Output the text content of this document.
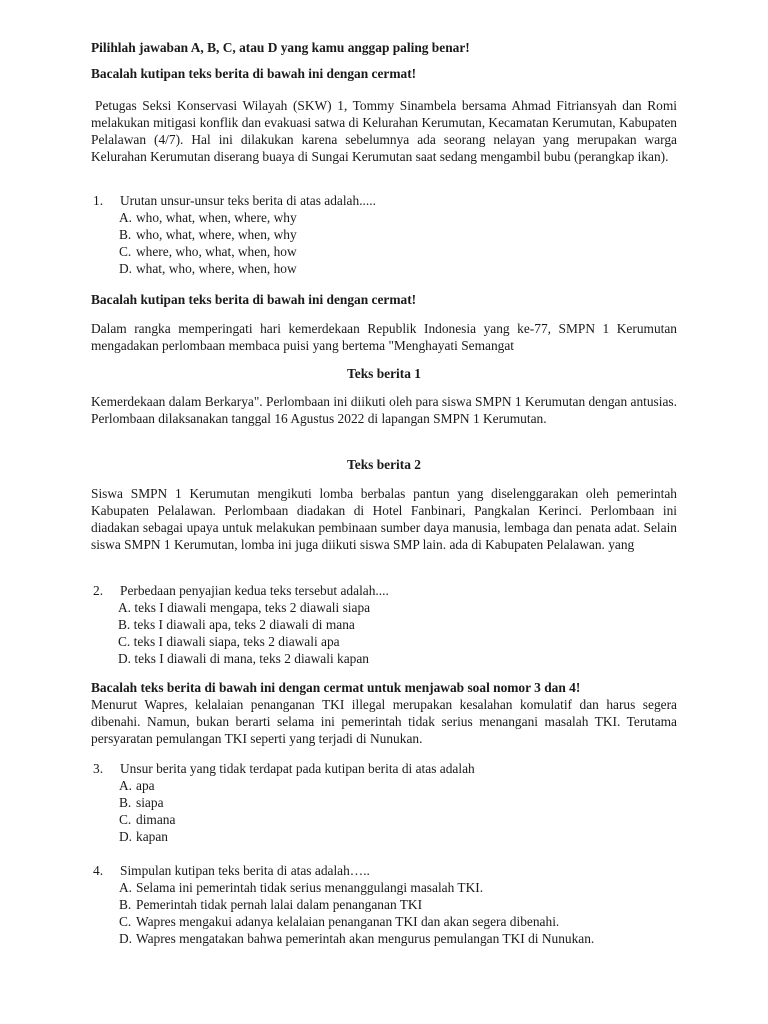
Pilihlah jawaban A, B, C, atau D yang kamu anggap paling benar!

Bacalah kutipan teks berita di bawah ini dengan cermat!

Petugas Seksi Konservasi Wilayah (SKW) 1, Tommy Sinambela bersama Ahmad Fitriansyah dan Romi melakukan mitigasi konflik dan evakuasi satwa di Kelurahan Kerumutan, Kecamatan Kerumutan, Kabupaten Pelalawan (4/7). Hal ini dilakukan karena sebelumnya ada seorang nelayan yang merupakan warga Kelurahan Kerumutan diserang buaya di Sungai Kerumutan saat sedang mengambil bubu (perangkap ikan).

1. Urutan unsur-unsur teks berita di atas adalah.....
A. who, what, when, where, why
B. who, what, where, when, why
C. where, who, what, when, how
D. what, who, where, when, how

Bacalah kutipan teks berita di bawah ini dengan cermat!

Dalam rangka memperingati hari kemerdekaan Republik Indonesia yang ke-77, SMPN 1 Kerumutan mengadakan perlombaan membaca puisi yang bertema "Menghayati Semangat

Teks berita 1

Kemerdekaan dalam Berkarya". Perlombaan ini diikuti oleh para siswa SMPN 1 Kerumutan dengan antusias. Perlombaan dilaksanakan tanggal 16 Agustus 2022 di lapangan SMPN 1 Kerumutan.

Teks berita 2

Siswa SMPN 1 Kerumutan mengikuti lomba berbalas pantun yang diselenggarakan oleh pemerintah Kabupaten Pelalawan. Perlombaan diadakan di Hotel Fanbinari, Pangkalan Kerinci. Perlombaan ini diadakan sebagai upaya untuk melakukan pembinaan sumber daya manusia, lembaga dan penata adat. Selain siswa SMPN 1 Kerumutan, lomba ini juga diikuti siswa SMP lain. ada di Kabupaten Pelalawan. yang

2. Perbedaan penyajian kedua teks tersebut adalah....
A. teks I diawali mengapa, teks 2 diawali siapa
B. teks I diawali apa, teks 2 diawali di mana
C. teks I diawali siapa, teks 2 diawali apa
D. teks I diawali di mana, teks 2 diawali kapan

Bacalah teks berita di bawah ini dengan cermat untuk menjawab soal nomor 3 dan 4!

Menurut Wapres, kelalaian penanganan TKI illegal merupakan kesalahan komulatif dan harus segera dibenahi. Namun, bukan berarti selama ini pemerintah tidak serius menangani masalah TKI. Terutama persyaratan pemulangan TKI seperti yang terjadi di Nunukan.

3. Unsur berita yang tidak terdapat pada kutipan berita di atas adalah
A. apa
B. siapa
C. dimana
D. kapan
4. Simpulan kutipan teks berita di atas adalah…..
A. Selama ini pemerintah tidak serius menanggulangi masalah TKI.
B. Pemerintah tidak pernah lalai dalam penanganan TKI
C. Wapres mengakui adanya kelalaian penanganan TKI dan akan segera dibenahi.
D. Wapres mengatakan bahwa pemerintah akan mengurus pemulangan TKI di Nunukan.
